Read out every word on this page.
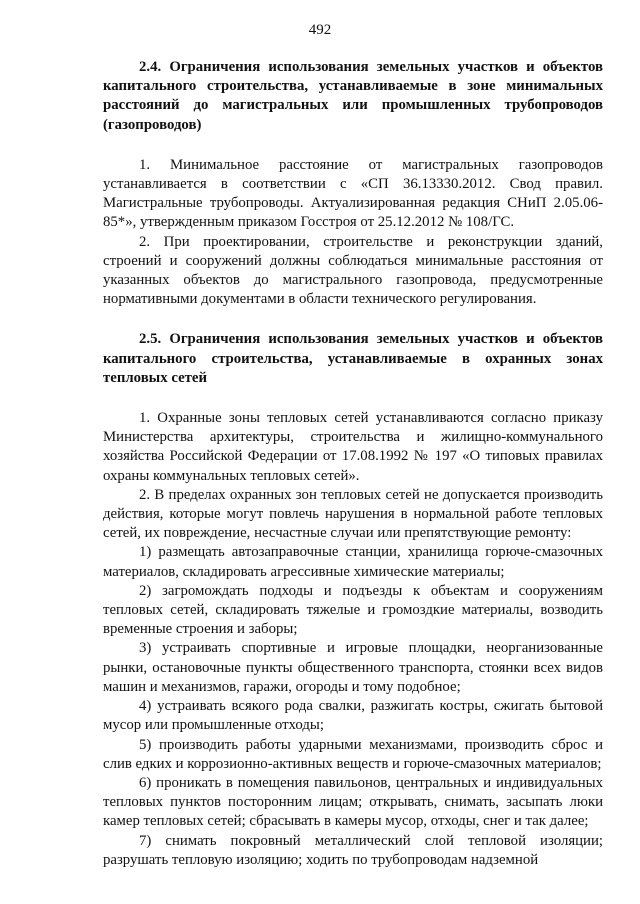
492

2.4. Ограничения использования земельных участков и объектов капитального строительства, устанавливаемые в зоне минимальных расстояний до магистральных или промышленных трубопроводов (газопроводов)

1. Минимальное расстояние от магистральных газопроводов устанавливается в соответствии с «СП 36.13330.2012. Свод правил. Магистральные трубопроводы. Актуализированная редакция СНиП 2.05.06-85*», утвержденным приказом Госстроя от 25.12.2012 № 108/ГС.

2. При проектировании, строительстве и реконструкции зданий, строений и сооружений должны соблюдаться минимальные расстояния от указанных объектов до магистрального газопровода, предусмотренные нормативными документами в области технического регулирования.

2.5. Ограничения использования земельных участков и объектов капитального строительства, устанавливаемые в охранных зонах тепловых сетей

1. Охранные зоны тепловых сетей устанавливаются согласно приказу Министерства архитектуры, строительства и жилищно-коммунального хозяйства Российской Федерации от 17.08.1992 № 197 «О типовых правилах охраны коммунальных тепловых сетей».

2. В пределах охранных зон тепловых сетей не допускается производить действия, которые могут повлечь нарушения в нормальной работе тепловых сетей, их повреждение, несчастные случаи или препятствующие ремонту:

1) размещать автозаправочные станции, хранилища горюче-смазочных материалов, складировать агрессивные химические материалы;

2) загромождать подходы и подъезды к объектам и сооружениям тепловых сетей, складировать тяжелые и громоздкие материалы, возводить временные строения и заборы;

3) устраивать спортивные и игровые площадки, неорганизованные рынки, остановочные пункты общественного транспорта, стоянки всех видов машин и механизмов, гаражи, огороды и тому подобное;

4) устраивать всякого рода свалки, разжигать костры, сжигать бытовой мусор или промышленные отходы;

5) производить работы ударными механизмами, производить сброс и слив едких и коррозионно-активных веществ и горюче-смазочных материалов;

6) проникать в помещения павильонов, центральных и индивидуальных тепловых пунктов посторонним лицам; открывать, снимать, засыпать люки камер тепловых сетей; сбрасывать в камеры мусор, отходы, снег и так далее;

7) снимать покровный металлический слой тепловой изоляции; разрушать тепловую изоляцию; ходить по трубопроводам надземной
